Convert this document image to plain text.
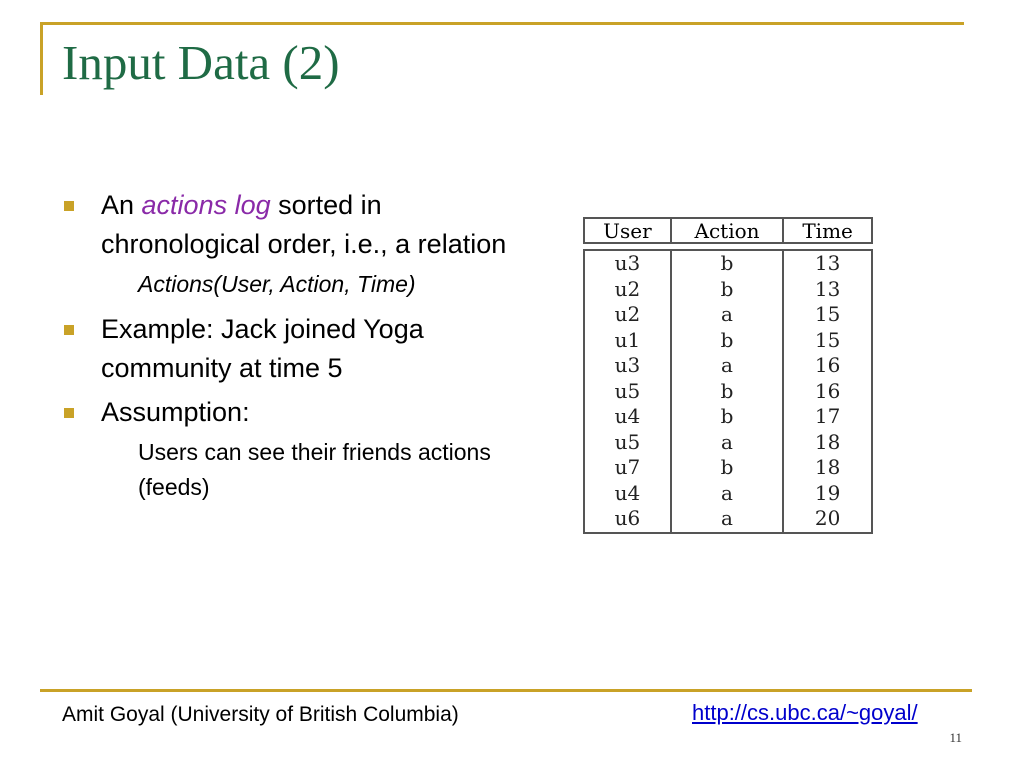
Input Data (2)
An actions log sorted in chronological order, i.e., a relation
Actions(User, Action, Time)
Example: Jack joined Yoga community at time 5
Assumption:
Users can see their friends actions (feeds)
User	Action	Time
u3	b	13
u2	b	13
u2	a	15
u1	b	15
u3	a	16
u5	b	16
u4	b	17
u5	a	18
u7	b	18
u4	a	19
u6	a	20
Amit Goyal (University of British Columbia)	http://cs.ubc.ca/~goyal/
11
